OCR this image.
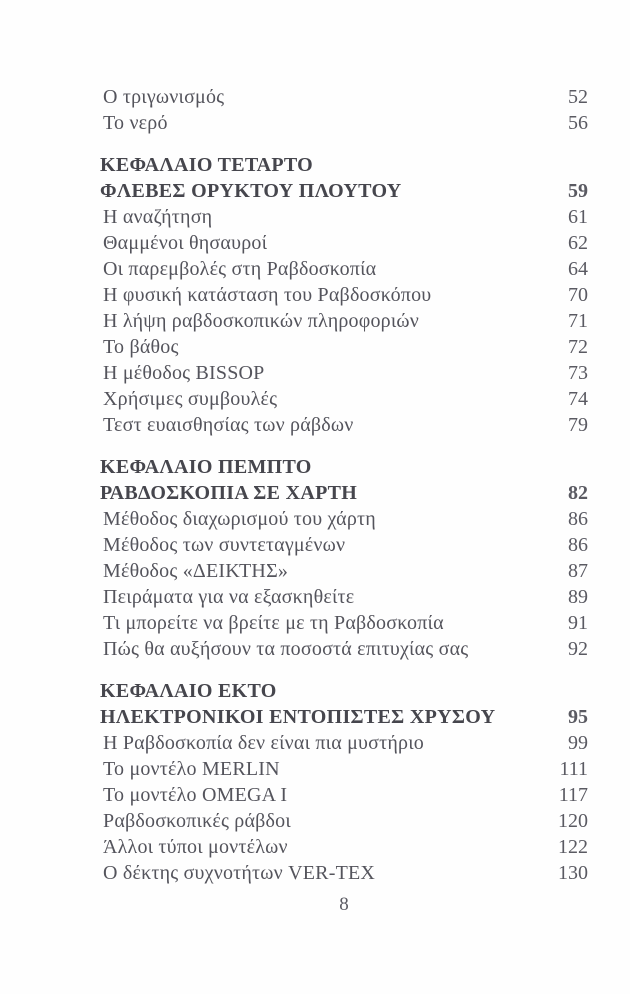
Ο τριγωνισμός	52
Το νερό	56
ΚΕΦΑΛΑΙΟ ΤΕΤΑΡΤΟ
ΦΛΕΒΕΣ ΟΡΥΚΤΟΥ ΠΛΟΥΤΟΥ	59
Η αναζήτηση	61
Θαμμένοι θησαυροί	62
Οι παρεμβολές στη Ραβδοσκοπία	64
Η φυσική κατάσταση του Ραβδοσκόπου	70
Η λήψη ραβδοσκοπικών πληροφοριών	71
Το βάθος	72
Η μέθοδος BISSOP	73
Χρήσιμες συμβουλές	74
Τεστ ευαισθησίας των ράβδων	79
ΚΕΦΑΛΑΙΟ ΠΕΜΠΤΟ
ΡΑΒΔΟΣΚΟΠΙΑ ΣΕ ΧΑΡΤΗ	82
Μέθοδος διαχωρισμού του χάρτη	86
Μέθοδος των συντεταγμένων	86
Μέθοδος «ΔΕΙΚΤΗΣ»	87
Πειράματα για να εξασκηθείτε	89
Τι μπορείτε να βρείτε με τη Ραβδοσκοπία	91
Πώς θα αυξήσουν τα ποσοστά επιτυχίας σας	92
ΚΕΦΑΛΑΙΟ ΕΚΤΟ
ΗΛΕΚΤΡΟΝΙΚΟΙ ΕΝΤΟΠΙΣΤΕΣ ΧΡΥΣΟΥ	95
Η Ραβδοσκοπία δεν είναι πια μυστήριο	99
Το μοντέλο MERLIN	111
Το μοντέλο OMEGA I	117
Ραβδοσκοπικές ράβδοι	120
Άλλοι τύποι μοντέλων	122
Ο δέκτης συχνοτήτων VER-TEX	130
8
